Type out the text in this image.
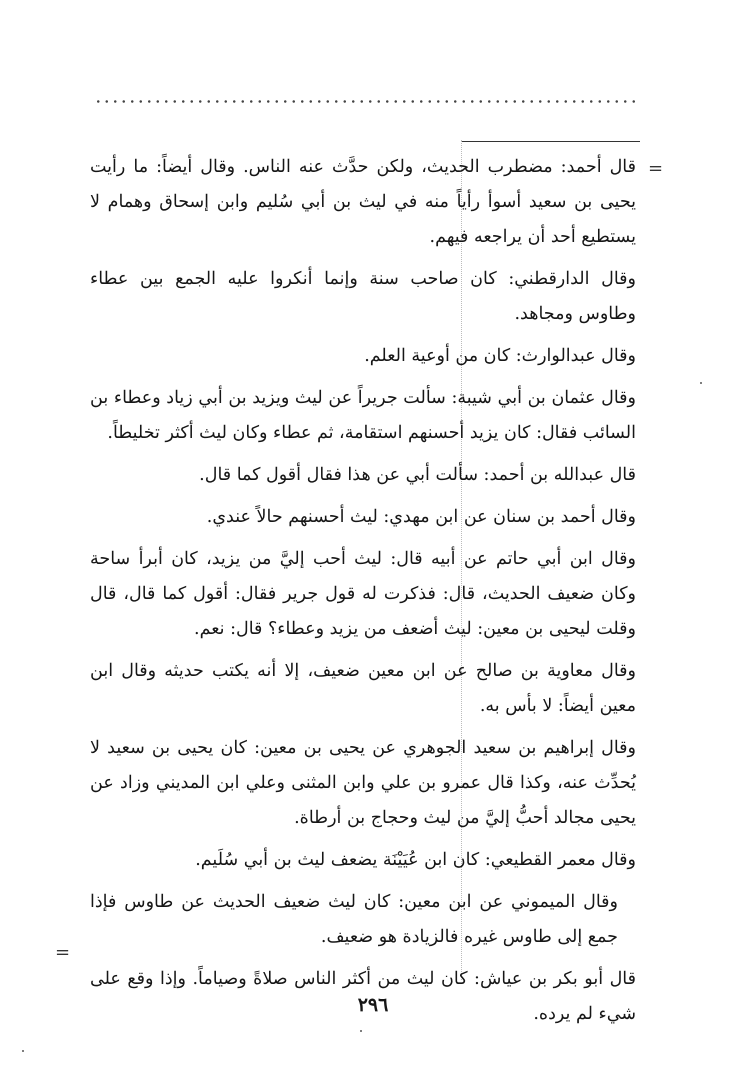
=
=

قال أحمد: مضطرب الحديث، ولكن حدَّث عنه الناس. وقال أيضاً: ما رأيت يحيى بن سعيد أسوأ رأياً منه في ليث بن أبي سُليم وابن إسحاق وهمام لا يستطيع أحد أن يراجعه فيهم.

وقال الدارقطني: كان صاحب سنة وإنما أنكروا عليه الجمع بين عطاء وطاوس ومجاهد.

وقال عبدالوارث: كان من أوعية العلم.

وقال عثمان بن أبي شيبة: سألت جريراً عن ليث ويزيد بن أبي زياد وعطاء بن السائب فقال: كان يزيد أحسنهم استقامة، ثم عطاء وكان ليث أكثر تخليطاً.

قال عبدالله بن أحمد: سألت أبي عن هذا فقال أقول كما قال.

وقال أحمد بن سنان عن ابن مهدي: ليث أحسنهم حالاً عندي.

وقال ابن أبي حاتم عن أبيه قال: ليث أحب إليَّ من يزيد، كان أبرأ ساحة وكان ضعيف الحديث، قال: فذكرت له قول جرير فقال: أقول كما قال، قال وقلت ليحيى بن معين: ليث أضعف من يزيد وعطاء؟ قال: نعم.

وقال معاوية بن صالح عن ابن معين ضعيف، إلا أنه يكتب حديثه وقال ابن معين أيضاً: لا بأس به.

وقال إبراهيم بن سعيد الجوهري عن يحيى بن معين: كان يحيى بن سعيد لا يُحدِّث عنه، وكذا قال عمرو بن علي وابن المثنى وعلي ابن المديني وزاد عن يحيى مجالد أحبُّ إليَّ من ليث وحجاج بن أرطاة.

وقال معمر القطيعي: كان ابن عُيَيْنَة يضعف ليث بن أبي سُلَيم.

وقال الميموني عن ابن معين: كان ليث ضعيف الحديث عن طاوس فإذا جمع إلى طاوس غيره فالزيادة هو ضعيف.

قال أبو بكر بن عياش: كان ليث من أكثر الناس صلاةً وصياماً. وإذا وقع على شيء لم يرده.

٢٩٦
